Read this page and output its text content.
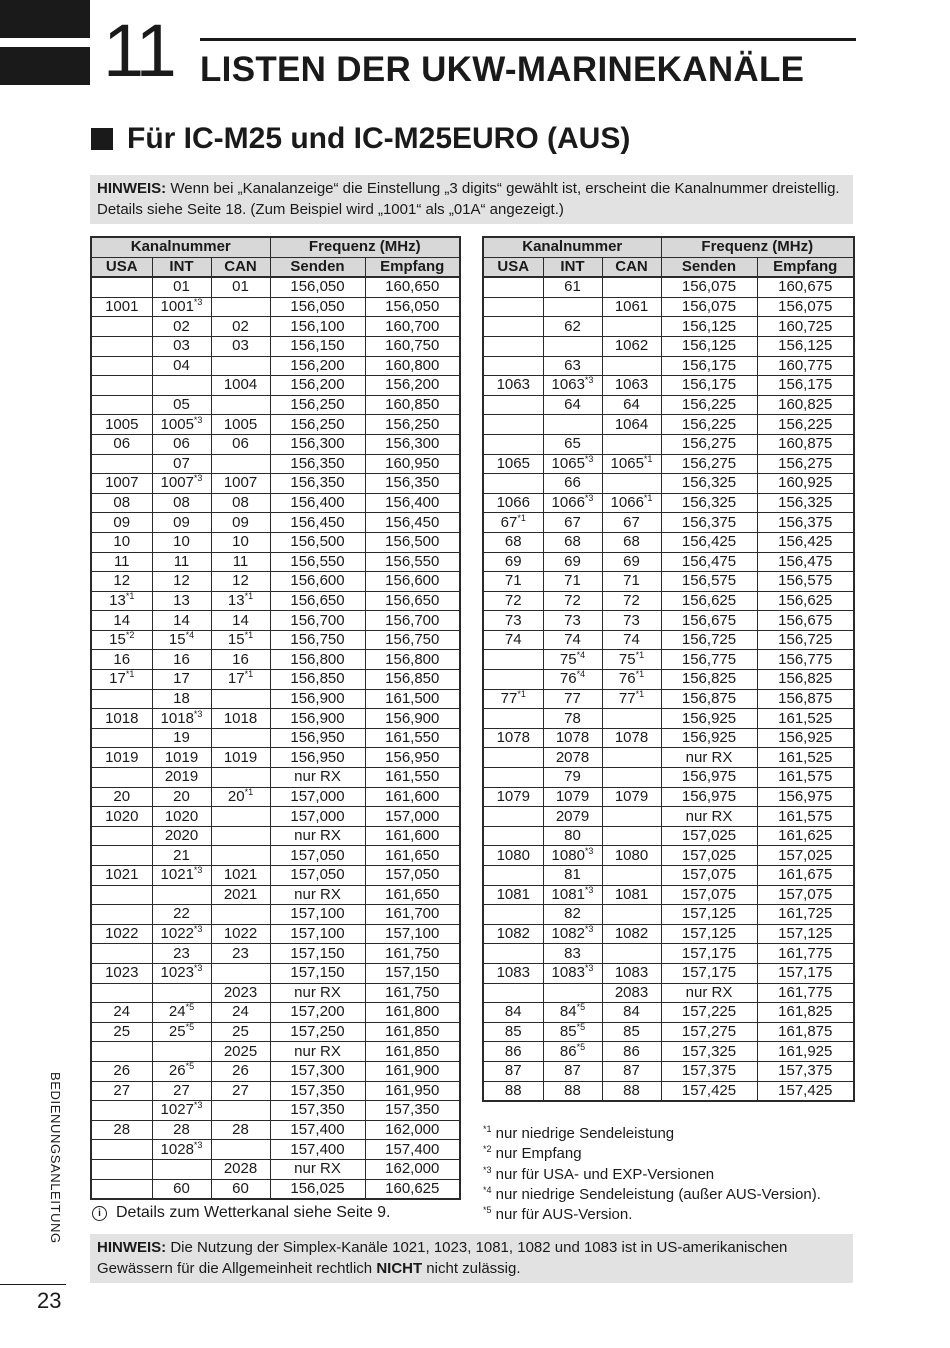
11 LISTEN DER UKW-MARINEKANÄLE
Für IC-M25 und IC-M25EURO (AUS)
HINWEIS: Wenn bei „Kanalanzeige“ die Einstellung „3 digits“ gewählt ist, erscheint die Kanalnummer dreistellig. Details siehe Seite 18. (Zum Beispiel wird „1001“ als „01A“ angezeigt.)
Kanalnummer			Frequenz (MHz)	
USA	INT	CAN	Senden	Empfang
	01	01	156,050	160,650
1001	1001$^{*3}$		156,050	156,050
	02	02	156,100	160,700
	03	03	156,150	160,750
	04		156,200	160,800
		1004	156,200	156,200
	05		156,250	160,850
1005	1005$^{*3}$	1005	156,250	156,250
06	06	06	156,300	156,300
	07		156,350	160,950
1007	1007$^{*3}$	1007	156,350	156,350
08	08	08	156,400	156,400
09	09	09	156,450	156,450
10	10	10	156,500	156,500
11	11	11	156,550	156,550
12	12	12	156,600	156,600
13$^{*1}$	13	13$^{*1}$	156,650	156,650
14	14	14	156,700	156,700
15$^{*2}$	15$^{*4}$	15$^{*1}$	156,750	156,750
16	16	16	156,800	156,800
17$^{*1}$	17	17$^{*1}$	156,850	156,850
	18		156,900	161,500
1018	1018$^{*3}$	1018	156,900	156,900
	19		156,950	161,550
1019	1019	1019	156,950	156,950
	2019		nur RX	161,550
20	20	20$^{*1}$	157,000	161,600
1020	1020		157,000	157,000
	2020		nur RX	161,600
	21		157,050	161,650
1021	1021$^{*3}$	1021	157,050	157,050
		2021	nur RX	161,650
	22		157,100	161,700
1022	1022$^{*3}$	1022	157,100	157,100
	23	23	157,150	161,750
1023	1023$^{*3}$		157,150	157,150
		2023	nur RX	161,750
24	24$^{*5}$	24	157,200	161,800
25	25$^{*5}$	25	157,250	161,850
		2025	nur RX	161,850
26	26$^{*5}$	26	157,300	161,900
27	27	27	157,350	161,950
	1027$^{*3}$		157,350	157,350
28	28	28	157,400	162,000
	1028$^{*3}$		157,400	157,400
		2028	nur RX	162,000
	60	60	156,025	160,625
Kanalnummer			Frequenz (MHz)	
USA	INT	CAN	Senden	Empfang
	61		156,075	160,675
		1061	156,075	156,075
	62		156,125	160,725
		1062	156,125	156,125
	63		156,175	160,775
1063	1063$^{*3}$	1063	156,175	156,175
	64	64	156,225	160,825
		1064	156,225	156,225
	65		156,275	160,875
1065	1065$^{*3}$	1065$^{*1}$	156,275	156,275
	66		156,325	160,925
1066	1066$^{*3}$	1066$^{*1}$	156,325	156,325
67$^{*1}$	67	67	156,375	156,375
68	68	68	156,425	156,425
69	69	69	156,475	156,475
71	71	71	156,575	156,575
72	72	72	156,625	156,625
73	73	73	156,675	156,675
74	74	74	156,725	156,725
	75$^{*4}$	75$^{*1}$	156,775	156,775
	76$^{*4}$	76$^{*1}$	156,825	156,825
77$^{*1}$	77	77$^{*1}$	156,875	156,875
	78		156,925	161,525
1078	1078	1078	156,925	156,925
	2078		nur RX	161,525
	79		156,975	161,575
1079	1079	1079	156,975	156,975
	2079		nur RX	161,575
	80		157,025	161,625
1080	1080$^{*3}$	1080	157,025	157,025
	81		157,075	161,675
1081	1081$^{*3}$	1081	157,075	157,075
	82		157,125	161,725
1082	1082$^{*3}$	1082	157,125	157,125
	83		157,175	161,775
1083	1083$^{*3}$	1083	157,175	157,175
		2083	nur RX	161,775
84	84$^{*5}$	84	157,225	161,825
85	85$^{*5}$	85	157,275	161,875
86	86$^{*5}$	86	157,325	161,925
87	87	87	157,375	157,375
88	88	88	157,425	157,425
$^{*1}$ nur niedrige Sendeleistung
$^{*2}$ nur Empfang
$^{*3}$ nur für USA- und EXP-Versionen
$^{*4}$ nur niedrige Sendeleistung (außer AUS-Version).
$^{*5}$ nur für AUS-Version.
i Details zum Wetterkanal siehe Seite 9.
HINWEIS: Die Nutzung der Simplex-Kanäle 1021, 1023, 1081, 1082 und 1083 ist in US-amerikanischen Gewässern für die Allgemeinheit rechtlich NICHT nicht zulässig.
BEDIENUNGSANLEITUNG
23
